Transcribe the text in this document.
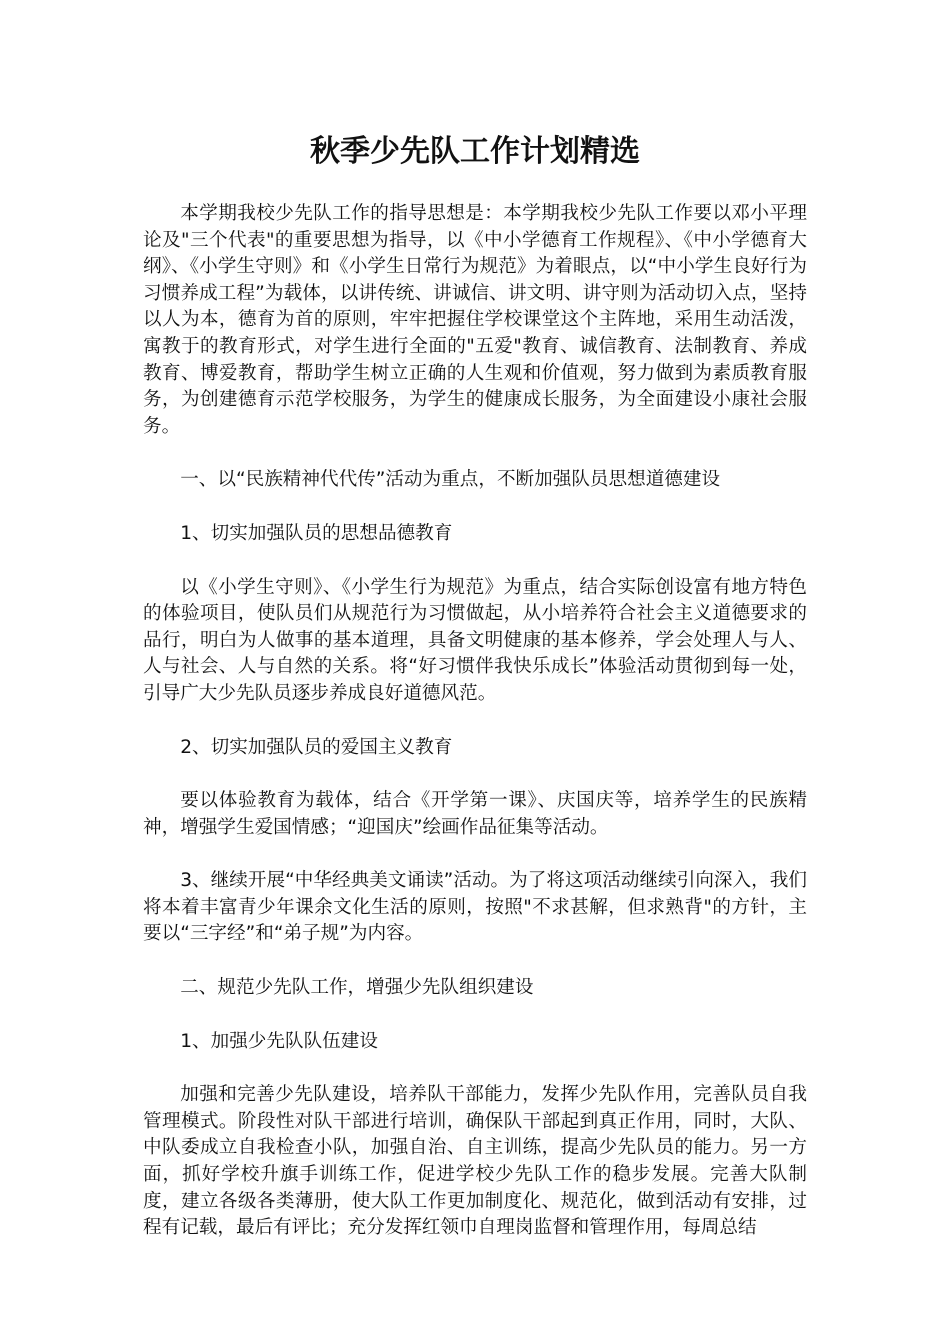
秋季少先队工作计划精选

本学期我校少先队工作的指导思想是：本学期我校少先队工作要以邓小平理论及"三个代表"的重要思想为指导，以《中小学德育工作规程》、《中小学德育大纲》、《小学生守则》和《小学生日常行为规范》为着眼点，以“中小学生良好行为习惯养成工程”为载体，以讲传统、讲诚信、讲文明、讲守则为活动切入点，坚持以人为本，德育为首的原则，牢牢把握住学校课堂这个主阵地，采用生动活泼，寓教于的教育形式，对学生进行全面的"五爱"教育、诚信教育、法制教育、养成教育、博爱教育，帮助学生树立正确的人生观和价值观，努力做到为素质教育服务，为创建德育示范学校服务，为学生的健康成长服务，为全面建设小康社会服务。

一、以“民族精神代代传”活动为重点，不断加强队员思想道德建设

1、切实加强队员的思想品德教育

以《小学生守则》、《小学生行为规范》为重点，结合实际创设富有地方特色的体验项目，使队员们从规范行为习惯做起，从小培养符合社会主义道德要求的品行，明白为人做事的基本道理，具备文明健康的基本修养，学会处理人与人、人与社会、人与自然的关系。将“好习惯伴我快乐成长”体验活动贯彻到每一处，引导广大少先队员逐步养成良好道德风范。

2、切实加强队员的爱国主义教育

要以体验教育为载体，结合《开学第一课》、庆国庆等，培养学生的民族精神，增强学生爱国情感；“迎国庆”绘画作品征集等活动。

3、继续开展“中华经典美文诵读”活动。为了将这项活动继续引向深入，我们将本着丰富青少年课余文化生活的原则，按照"不求甚解，但求熟背"的方针，主要以“三字经”和“弟子规”为内容。

二、规范少先队工作，增强少先队组织建设

1、加强少先队队伍建设

加强和完善少先队建设，培养队干部能力，发挥少先队作用，完善队员自我管理模式。阶段性对队干部进行培训，确保队干部起到真正作用，同时，大队、中队委成立自我检查小队，加强自治、自主训练，提高少先队员的能力。另一方面，抓好学校升旗手训练工作，促进学校少先队工作的稳步发展。完善大队制度，建立各级各类薄册，使大队工作更加制度化、规范化，做到活动有安排，过程有记载，最后有评比；充分发挥红领巾自理岗监督和管理作用，每周总结
